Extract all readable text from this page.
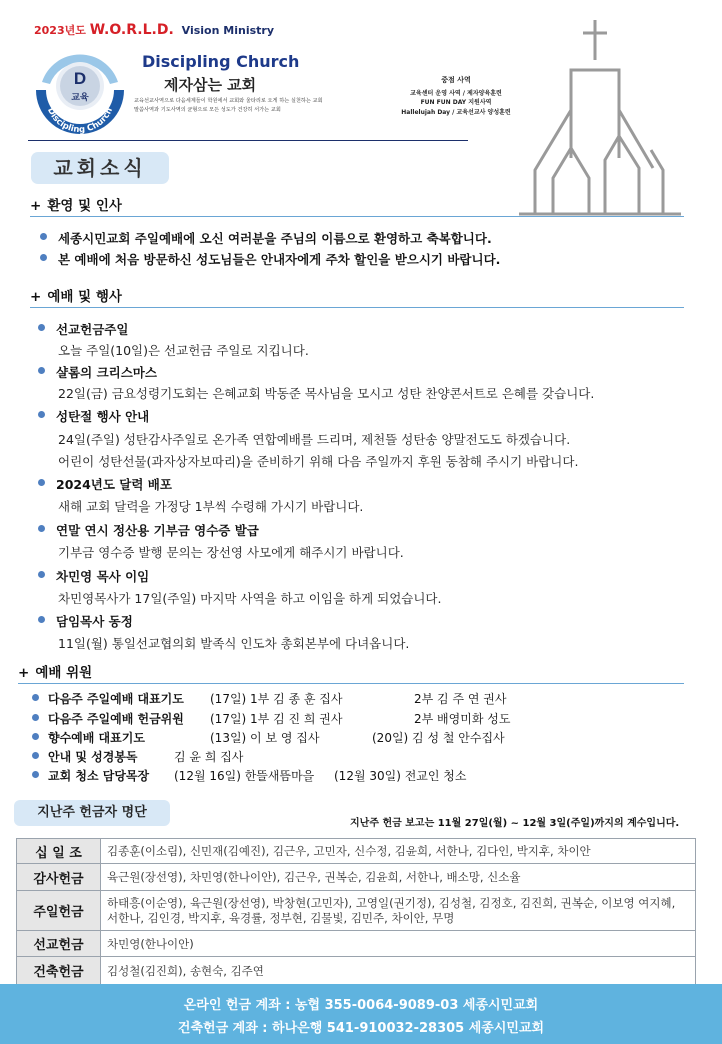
2023년도 W.O.R.L.D. Vision Ministry
D
교육
Discipling Church
Discipling Church
제자삼는 교회
교육선교사역으로 다음세계들이 학원에서 교회와 울타리로 오게 하는 실천하는 교회
말씀사역과 기도사역의 균형으로 모든 성도가 건강히 서가는 교회
중점 사역
교육센터 운영 사역 / 제자양육훈련
FUN FUN DAY 지원사역
Hallelujah Day / 교육선교사 양성훈련
교회소식
+ 환영 및 인사
세종시민교회 주일예배에 오신 여러분을 주님의 이름으로 환영하고 축복합니다.
본 예배에 처음 방문하신 성도님들은 안내자에게 주차 할인을 받으시기 바랍니다.
+ 예배 및 행사
선교헌금주일
오늘 주일(10일)은 선교헌금 주일로 지킵니다.
샬롬의 크리스마스
22일(금) 금요성령기도회는 은혜교회 박동준 목사님을 모시고 성탄 찬양콘서트로 은혜를 갖습니다.
성탄절 행사 안내
24일(주일) 성탄감사주일로 온가족 연합예배를 드리며, 제천뜰 성탄송 양말전도도 하겠습니다.
어린이 성탄선물(과자상자보따리)을 준비하기 위해 다음 주일까지 후원 동참해 주시기 바랍니다.
2024년도 달력 배포
새해 교회 달력을 가정당 1부씩 수령해 가시기 바랍니다.
연말 연시 정산용 기부금 영수증 발급
기부금 영수증 발행 문의는 장선영 사모에게 해주시기 바랍니다.
차민영 목사 이임
차민영목사가 17일(주일) 마지막 사역을 하고 이임을 하게 되었습니다.
담임목사 동정
11일(월) 통일선교협의회 발족식 인도차 총회본부에 다녀옵니다.
+ 예배 위원
다음주 주일예배 대표기도 (17일) 1부 김 종 훈 집사	2부 김 주 연 권사
다음주 주일예배 헌금위원 (17일) 1부 김 진 희 권사	2부 배영미화 성도
향수예배 대표기도	(13일) 이 보 영 집사	(20일) 김 성 철 안수집사
안내 및 성경봉독	김 윤 희 집사
교회 청소 담당목장 (12월 16일) 한뜰새뜸마을 (12월 30일) 전교인 청소
지난주 헌금자 명단
지난주 헌금 보고는 11월 27일(월) ~ 12월 3일(주일)까지의 계수입니다.
십 일 조	김종훈(이소림), 신민재(김예진), 김근우, 고민자, 신수정, 김윤희, 서한나, 김다인, 박지후, 차이안
감사헌금	육근원(장선영), 차민영(한나이안), 김근우, 권복순, 김윤희, 서한나, 배소망, 신소율
주일헌금	하태흥(이순영), 육근원(장선영), 박창현(고민자), 고영일(권기정), 김성철, 김정호, 김진희, 권복순, 이보영 여지혜, 서한나, 김인경, 박지후, 육경률, 정부현, 김물빛, 김민주, 차이안, 무명
선교헌금	차민영(한나이안)
건축헌금	김성철(김진희), 송현숙, 김주연
온라인 헌금 계좌 : 농협 355-0064-9089-03 세종시민교회
건축헌금 계좌 : 하나은행 541-910032-28305 세종시민교회
